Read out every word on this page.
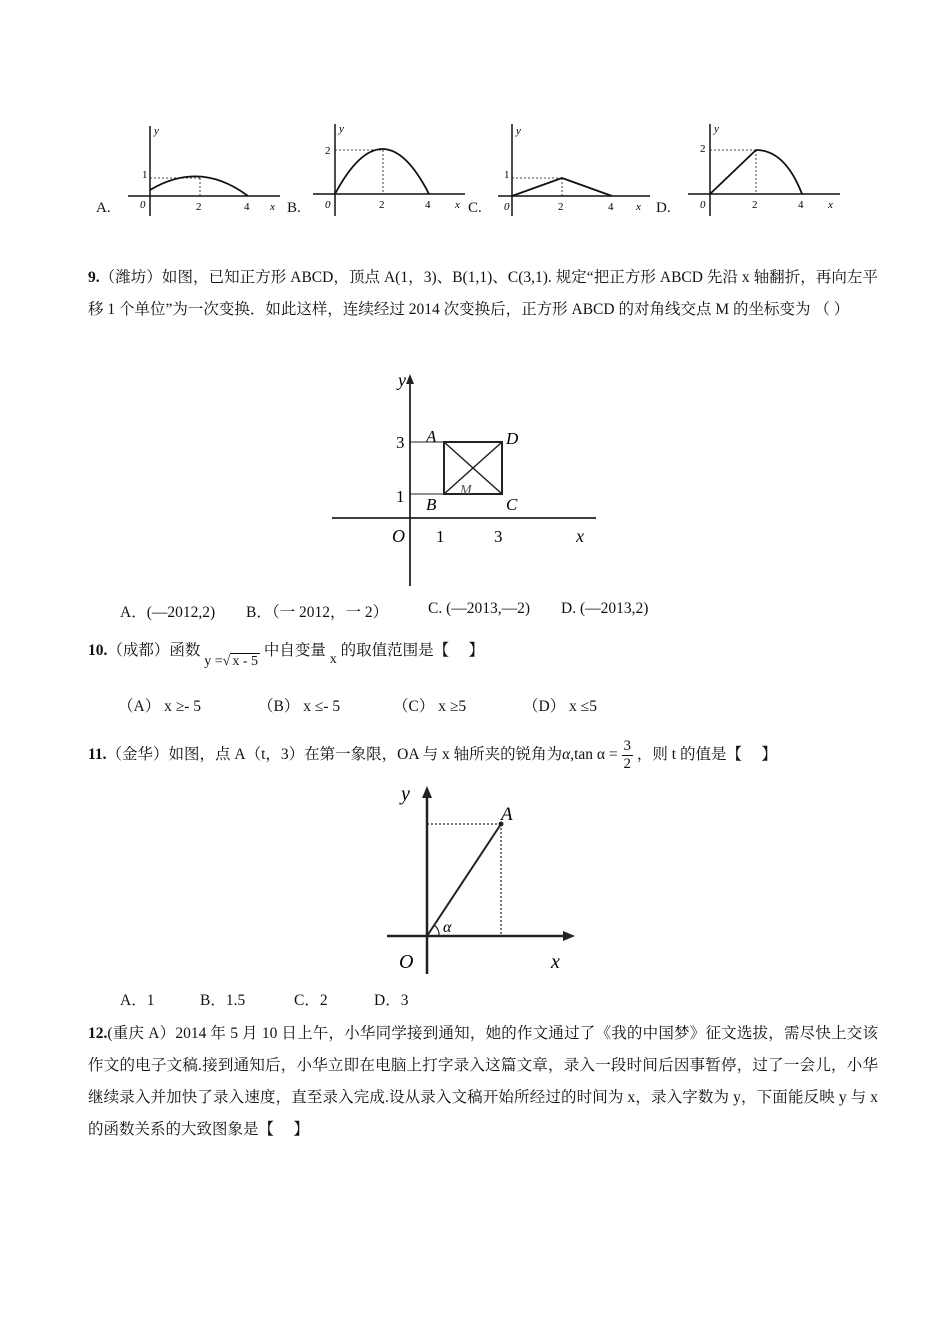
A.
y
1
0	2	4 x B.
y
2
0	2	4 x C.
y
1
0	2	4 x D.
y
2
0	2	4 x
9.（潍坊）如图，已知正方形 ABCD，顶点 A(1，3)、B(1,1)、C(3,1). 规定“把正方形 ABCD 先沿 x 轴翻折，再向左平移 1 个单位”为一次变换．如此这样，连续经过 2014 次变换后，正方形 ABCD 的对角线交点 M 的坐标变为 （ ）
y
x
O 1	3
3
1
A	D
B	C
M
A．(—2012,2) B．（一 2012，一 2）	C. (—2013,—2) D. (—2013,2)
10.（成都）函数 y =√ x - 5 中自变量 x 的取值范围是【　 】
（A） x ≥- 5	（B） x ≤- 5	（C） x ≥5	（D） x ≤5
11.（金华）如图，点 A（t，3）在第一象限，OA 与 x 轴所夹的锐角为α,tan $\alpha = \frac{3}{2}$ ，则 t 的值是【　 】
y
x
O
A
α
A．1	B．1.5	C．2	D．3
12.(重庆 A）2014 年 5 月 10 日上午，小华同学接到通知，她的作文通过了《我的中国梦》征文选拔，需尽快上交该作文的电子文稿.接到通知后，小华立即在电脑上打字录入这篇文章，录入一段时间后因事暂停，过了一会儿，小华继续录入并加快了录入速度，直至录入完成.设从录入文稿开始所经过的时间为 x，录入字数为 y，下面能反映 y 与 x 的函数关系的大致图象是【　 】
